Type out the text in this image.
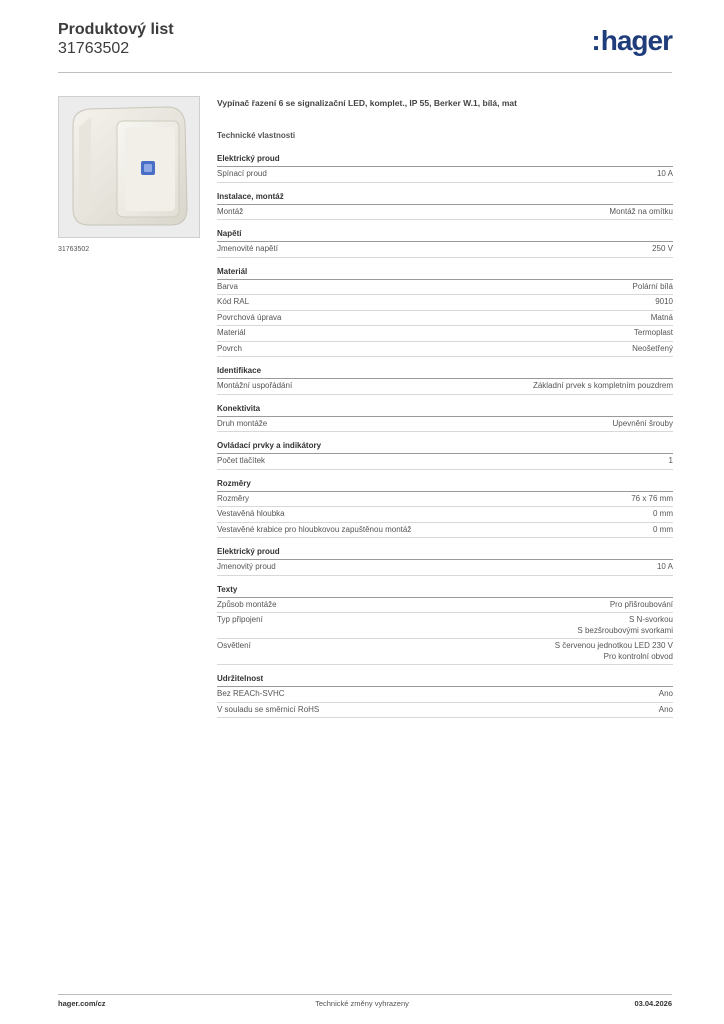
Produktový list
31763502	:hager
31763502
Vypínač řazení 6 se signalizační LED, komplet., IP 55, Berker W.1, bílá, mat
Technické vlastnosti
Elektrický proud
Spínací proud	10 A
Instalace, montáž
Montáž	Montáž na omítku
Napětí
Jmenovité napětí	250 V
Materiál
Barva	Polární bílá
Kód RAL	9010
Povrchová úprava	Matná
Materiál	Termoplast
Povrch	Neošetřený
Identifikace
Montážní uspořádání	Základní prvek s kompletním pouzdrem
Konektivita
Druh montáže	Upevnění šrouby
Ovládací prvky a indikátory
Počet tlačítek	1
Rozměry
Rozměry	76 x 76 mm
Vestavěná hloubka	0 mm
Vestavěné krabice pro hloubkovou zapuštěnou montáž	0 mm
Elektrický proud
Jmenovitý proud	10 A
Texty
Způsob montáže	Pro přišroubování
Typ připojení	S N-svorkou
S bezšroubovými svorkami
Osvětlení	S červenou jednotkou LED 230 V
Pro kontrolní obvod
Udržitelnost
Bez REACh-SVHC	Ano
V souladu se směrnicí RoHS	Ano
hager.com/cz	Technické změny vyhrazeny	03.04.2026
